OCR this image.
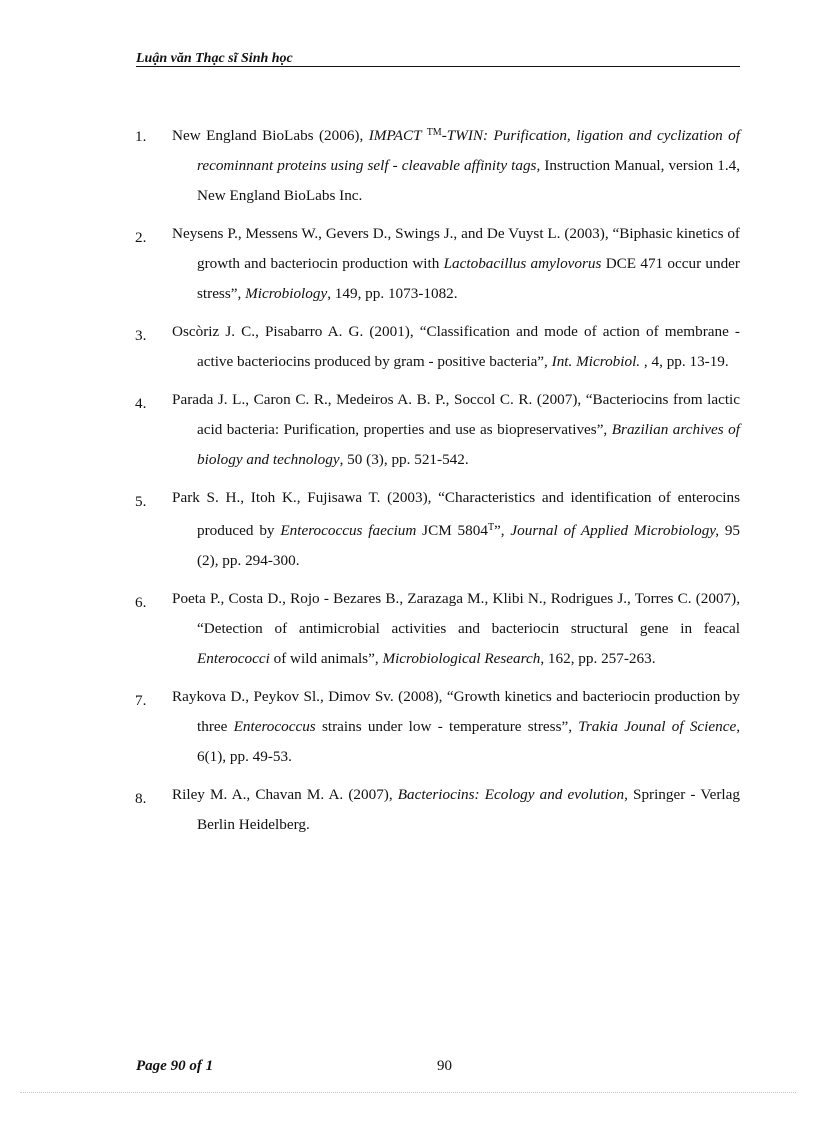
Luận văn Thạc sĩ Sinh học
1. New England BioLabs (2006), IMPACT ™-TWIN: Purification, ligation and cyclization of recominnant proteins using self - cleavable affinity tags, Instruction Manual, version 1.4, New England BioLabs Inc.
2. Neysens P., Messens W., Gevers D., Swings J., and De Vuyst L. (2003), “Biphasic kinetics of growth and bacteriocin production with Lactobacillus amylovorus DCE 471 occur under stress”, Microbiology, 149, pp. 1073-1082.
3. Oscòriz J. C., Pisabarro A. G. (2001), “Classification and mode of action of membrane - active bacteriocins produced by gram - positive bacteria”, Int. Microbiol. , 4, pp. 13-19.
4. Parada J. L., Caron C. R., Medeiros A. B. P., Soccol C. R. (2007), “Bacteriocins from lactic acid bacteria: Purification, properties and use as biopreservatives”, Brazilian archives of biology and technology, 50 (3), pp. 521-542.
5. Park S. H., Itoh K., Fujisawa T. (2003), “Characteristics and identification of enterocins produced by Enterococcus faecium JCM $5804^T$”, Journal of Applied Microbiology, 95 (2), pp. 294-300.
6. Poeta P., Costa D., Rojo - Bezares B., Zarazaga M., Klibi N., Rodrigues J., Torres C. (2007), “Detection of antimicrobial activities and bacteriocin structural gene in feacal Enterococci of wild animals”, Microbiological Research, 162, pp. 257-263.
7. Raykova D., Peykov Sl., Dimov Sv. (2008), “Growth kinetics and bacteriocin production by three Enterococcus strains under low - temperature stress”, Trakia Jounal of Science, 6(1), pp. 49-53.
8. Riley M. A., Chavan M. A. (2007), Bacteriocins: Ecology and evolution, Springer - Verlag Berlin Heidelberg.
Page 90 of 1	90
